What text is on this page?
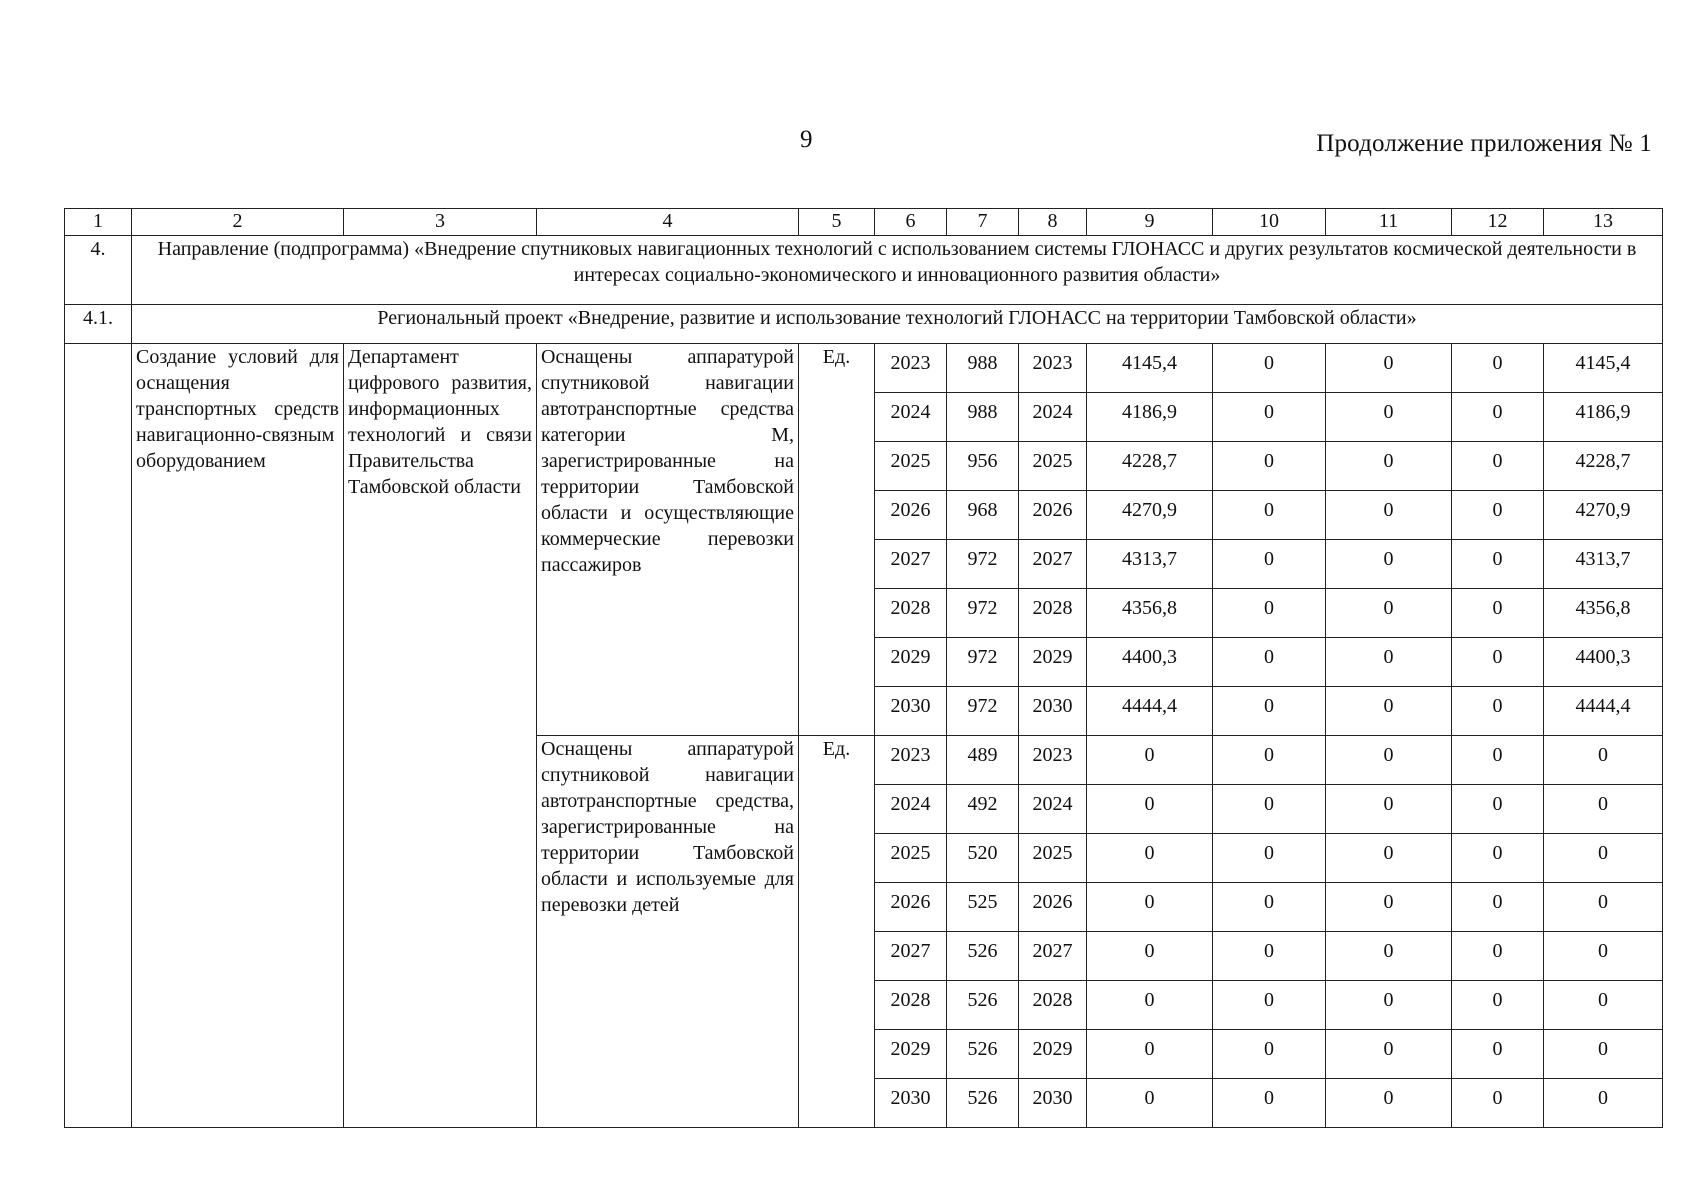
9	Продолжение приложения № 1
1	2	3	4	5	6	7	8	9	10	11	12	13
4.	Направление (подпрограмма) «Внедрение спутниковых навигационных технологий с использованием системы ГЛОНАСС и других результатов космической деятельности в интересах социально-экономического и инновационного развития области»											
4.1.	Региональный проект «Внедрение, развитие и использование технологий ГЛОНАСС на территории Тамбовской области»											
	Создание условий для оснащения транспортных средств навигационно-связным оборудованием	Департамент цифрового развития, информационных технологий и связи Правительства Тамбовской области	Оснащены аппаратурой спутниковой навигации автотранспортные средства категории М, зарегистрированные на территории Тамбовской области и осуществляющие коммерческие перевозки пассажиров	Ед.	2023	988	2023	4145,4	0	0	0	4145,4
					2024	988	2024	4186,9	0	0	0	4186,9
					2025	956	2025	4228,7	0	0	0	4228,7
					2026	968	2026	4270,9	0	0	0	4270,9
					2027	972	2027	4313,7	0	0	0	4313,7
					2028	972	2028	4356,8	0	0	0	4356,8
					2029	972	2029	4400,3	0	0	0	4400,3
					2030	972	2030	4444,4	0	0	0	4444,4
			Оснащены аппаратурой спутниковой навигации автотранспортные средства, зарегистрированные на территории Тамбовской области и используемые для перевозки детей	Ед.	2023	489	2023	0	0	0	0	0
					2024	492	2024	0	0	0	0	0
					2025	520	2025	0	0	0	0	0
					2026	525	2026	0	0	0	0	0
					2027	526	2027	0	0	0	0	0
					2028	526	2028	0	0	0	0	0
					2029	526	2029	0	0	0	0	0
					2030	526	2030	0	0	0	0	0
